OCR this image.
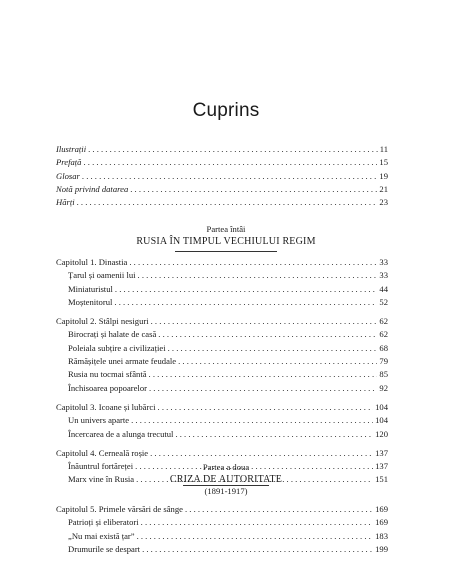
Cuprins
Ilustrații . . .	11
Prefață . . .	15
Glosar . . .	19
Notă privind datarea . . .	21
Hărți . . .	23
Partea întâi
RUSIA ÎN TIMPUL VECHIULUI REGIM
Capitolul 1. Dinastia . . .	33
Țarul și oamenii lui . . .	33
Miniaturistul . . .	44
Moștenitorul . . .	52
Capitolul 2. Stâlpi nesiguri . . .	62
Birocrați și halate de casă . . .	62
Poleiala subțire a civilizației . . .	68
Rămășițele unei armate feudale . . .	79
Rusia nu tocmai sfântă . . .	85
Închisoarea popoarelor . . .	92
Capitolul 3. Icoane și lubărci . . .	104
Un univers aparte . . .	104
Încercarea de a alunga trecutul . . .	120
Capitolul 4. Cerneală roșie . . .	137
Înăuntrul fortăreței . . .	137
Marx vine în Rusia . . .	151
Partea a doua
CRIZA DE AUTORITATE
(1891-1917)
Capitolul 5. Primele vărsări de sânge . . .	169
Patrioți și eliberatori . . .	169
„Nu mai există țar” . . .	183
Drumurile se despart . . .	199
